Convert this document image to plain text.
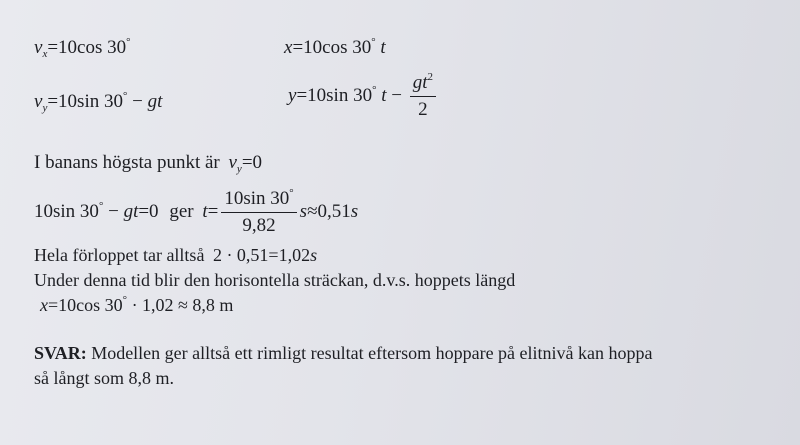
$v_x=10\cos$ 30°	x=10cos 30° t
$v_y=10\sin$ 30° − gt	y=10sin 30° $t - \frac{gt^2}{2}$
I banans högsta punkt är $v_y=0$
10sin 30° − gt=0 ger $t= \frac{10\sin 30^\circ}{9,82} s\approx 0,51s$
Hela förloppet tar alltså 2 · 0,51=1,02s
Under denna tid blir den horisontella sträckan, d.v.s. hoppets längd
x=10cos 30° · 1,02 ≈ 8,8 m
SVAR: Modellen ger alltså ett rimligt resultat eftersom hoppare på elitnivå kan hoppa
så långt som 8,8 m.
